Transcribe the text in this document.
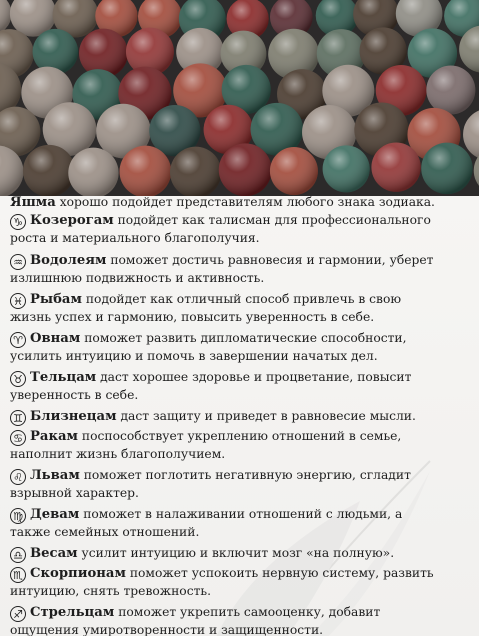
Яшма хорошо подойдет представителям любого знака зодиака.
♑ Козерогам подойдет как талисман для профессионального
роста и материального благополучия.
♒ Водолеям поможет достичь равновесия и гармонии, уберет
излишнюю подвижность и активность.
♓ Рыбам подойдет как отличный способ привлечь в свою
жизнь успех и гармонию, повысить уверенность в себе.
♈ Овнам поможет развить дипломатические способности,
усилить интуицию и помочь в завершении начатых дел.
♉ Тельцам даст хорошее здоровье и процветание, повысит
уверенность в себе.
♊ Близнецам даст защиту и приведет в равновесие мысли.
♋ Ракам поспособствует укреплению отношений в семье,
наполнит жизнь благополучием.
♌ Львам поможет поглотить негативную энергию, сгладит
взрывной характер.
♍ Девам поможет в налаживании отношений с людьми, а
также семейных отношений.
♎ Весам усилит интуицию и включит мозг «на полную».
♏ Скорпионам поможет успокоить нервную систему, развить
интуицию, снять тревожность.
♐ Стрельцам поможет укрепить самооценку, добавит
ощущения умиротворенности и защищенности.
